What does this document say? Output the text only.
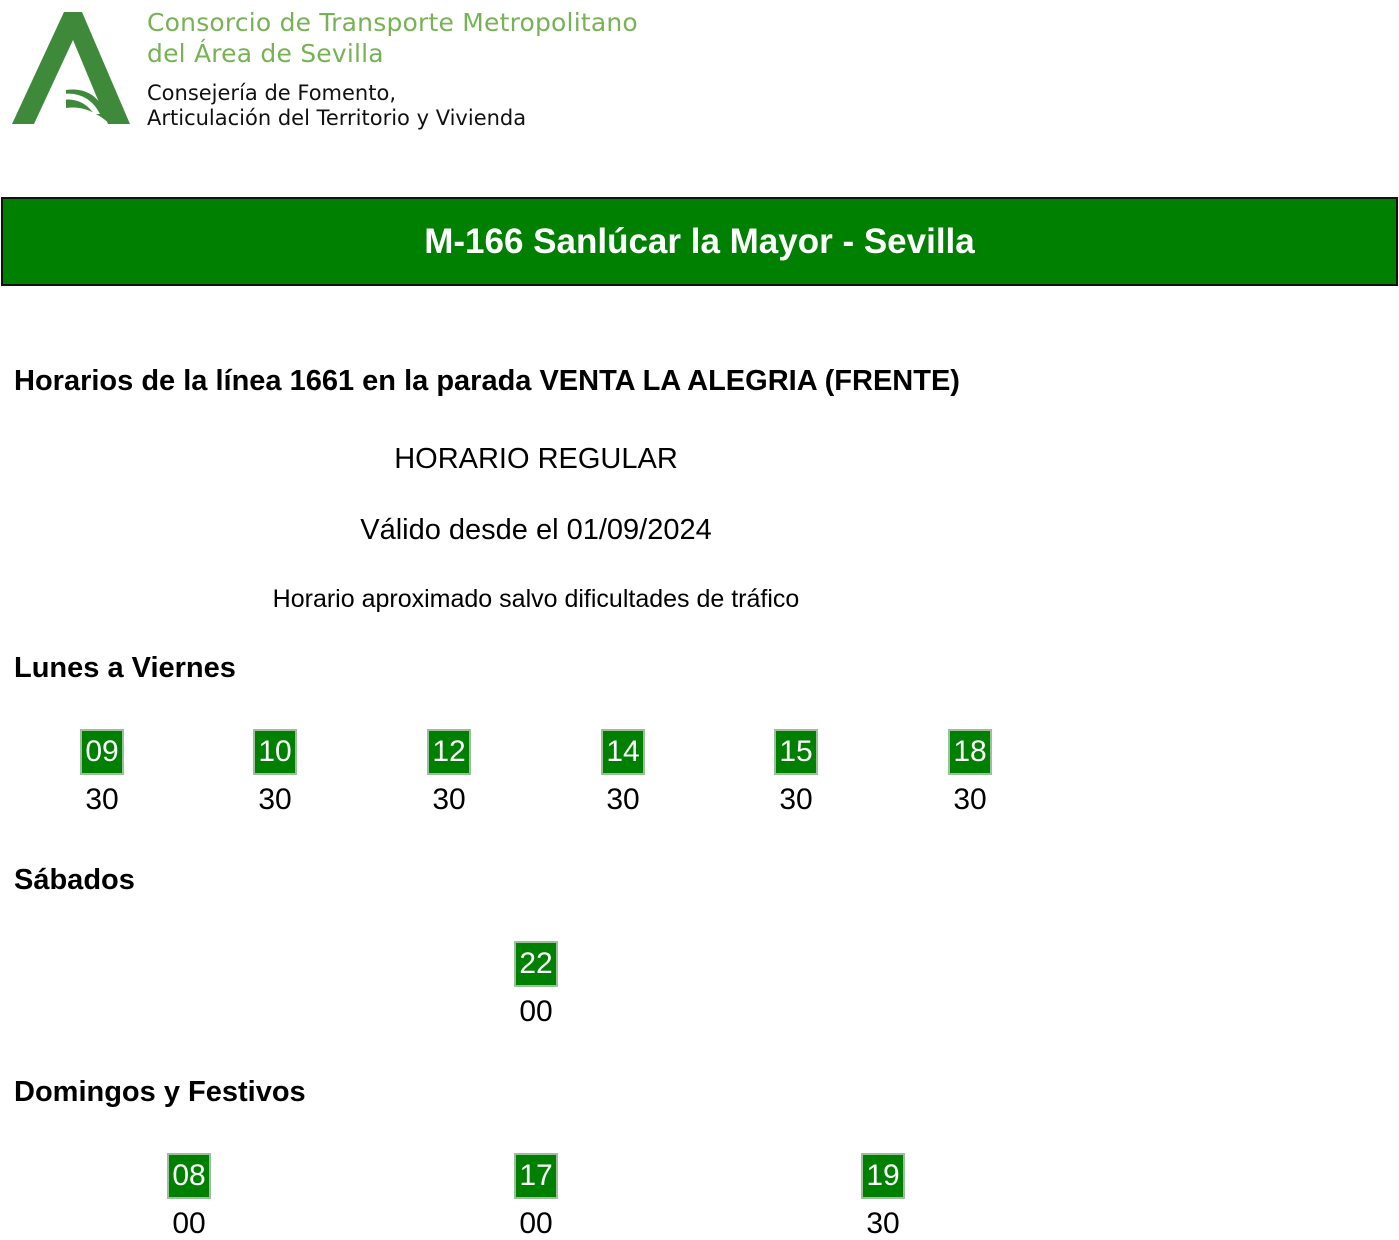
Consorcio de Transporte Metropolitano
del Área de Sevilla
Consejería de Fomento,
Articulación del Territorio y Vivienda
M-166 Sanlúcar la Mayor - Sevilla
Horarios de la línea 1661 en la parada VENTA LA ALEGRIA (FRENTE)
HORARIO REGULAR
Válido desde el 01/09/2024
Horario aproximado salvo dificultades de tráfico
Lunes a Viernes
09
30
10
30
12
30
14
30
15
30
18
30
Sábados
22
00
Domingos y Festivos
08
00
17
00
19
30
